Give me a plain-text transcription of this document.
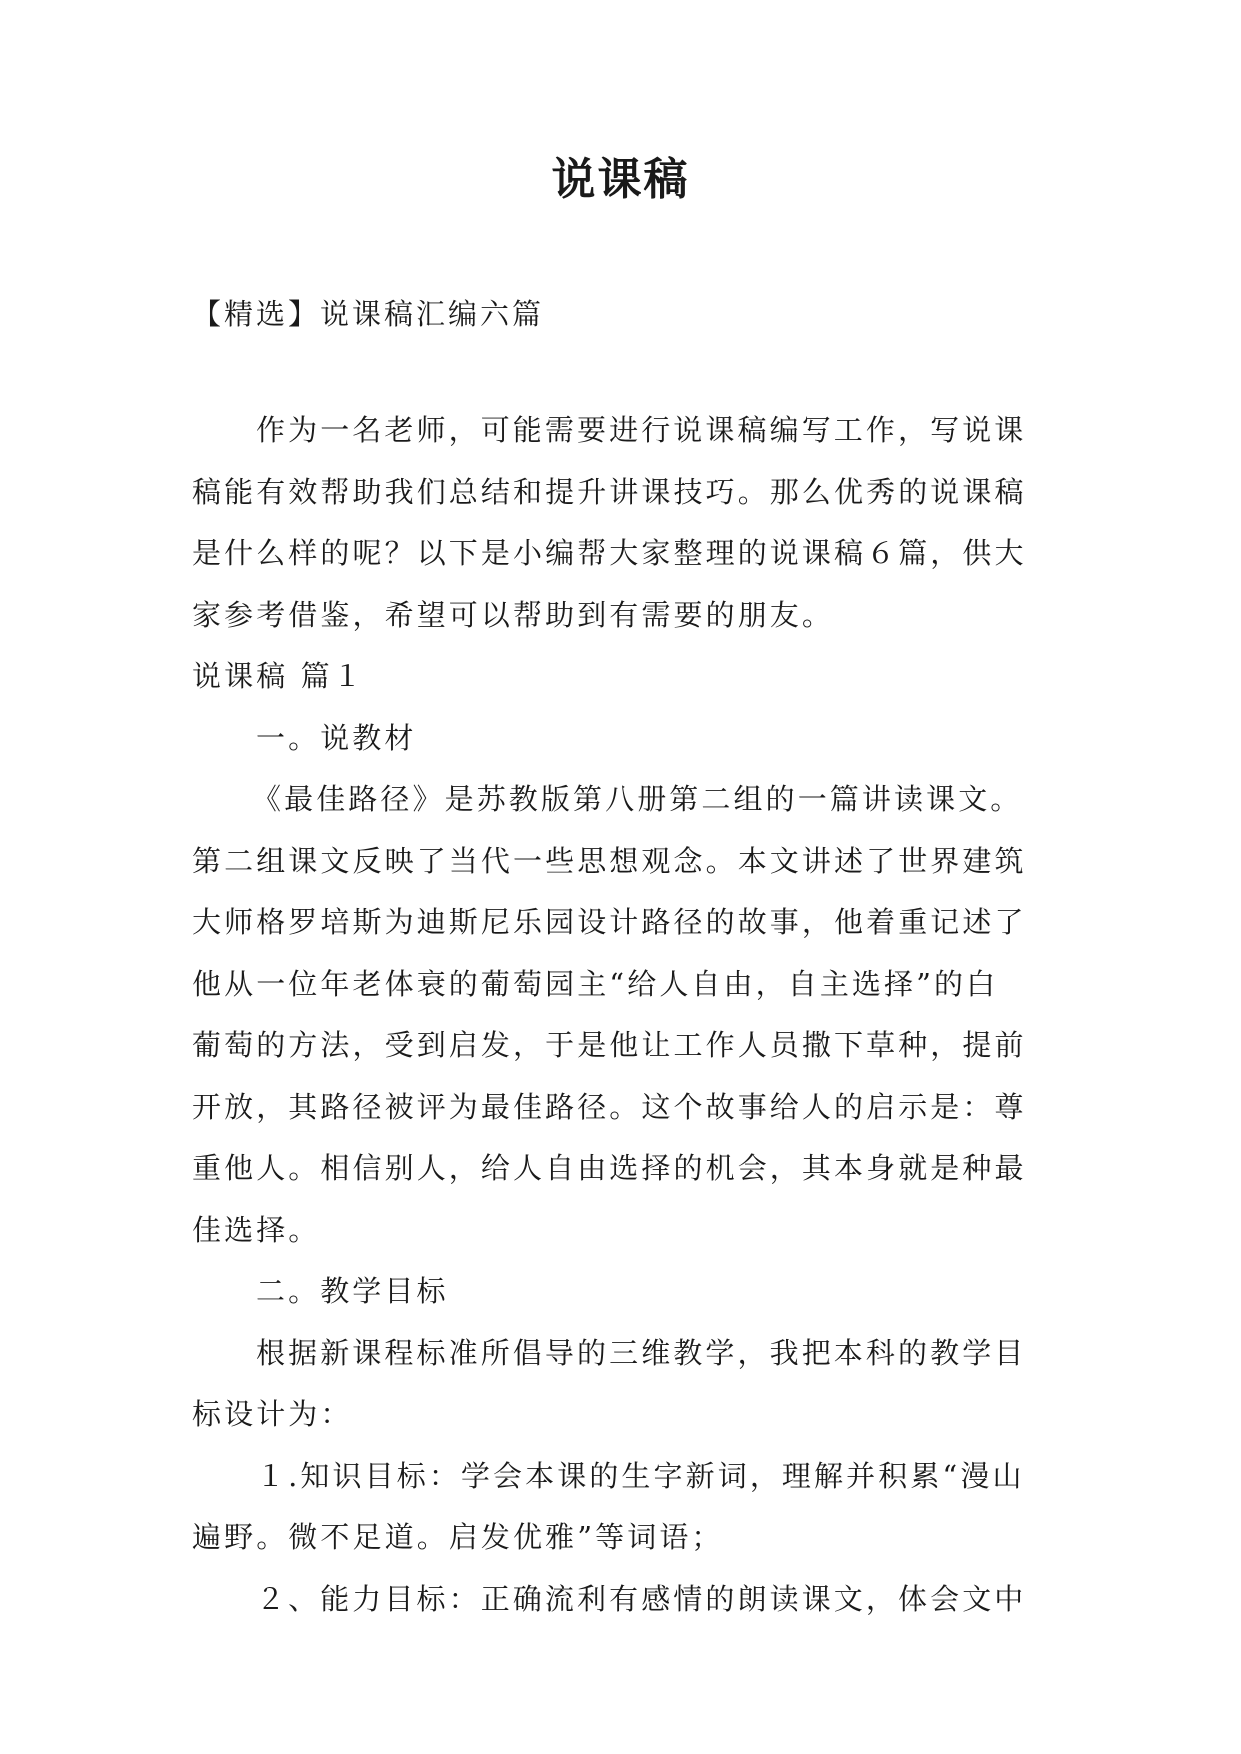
说课稿

【精选】说课稿汇编六篇

作为一名老师，可能需要进行说课稿编写工作，写说课

稿能有效帮助我们总结和提升讲课技巧。那么优秀的说课稿

是什么样的呢？以下是小编帮大家整理的说课稿６篇，供大

家参考借鉴，希望可以帮助到有需要的朋友。

说课稿 篇１

一。说教材

《最佳路径》是苏教版第八册第二组的一篇讲读课文。

第二组课文反映了当代一些思想观念。本文讲述了世界建筑

大师格罗培斯为迪斯尼乐园设计路径的故事，他着重记述了

他从一位年老体衰的葡萄园主“给人自由，自主选择”的白

葡萄的方法，受到启发，于是他让工作人员撒下草种，提前

开放，其路径被评为最佳路径。这个故事给人的启示是：尊

重他人。相信别人，给人自由选择的机会，其本身就是种最

佳选择。

二。教学目标

根据新课程标准所倡导的三维教学，我把本科的教学目

标设计为：

１.知识目标：学会本课的生字新词，理解并积累“漫山

遍野。微不足道。启发优雅”等词语；

２、能力目标：正确流利有感情的朗读课文，体会文中
